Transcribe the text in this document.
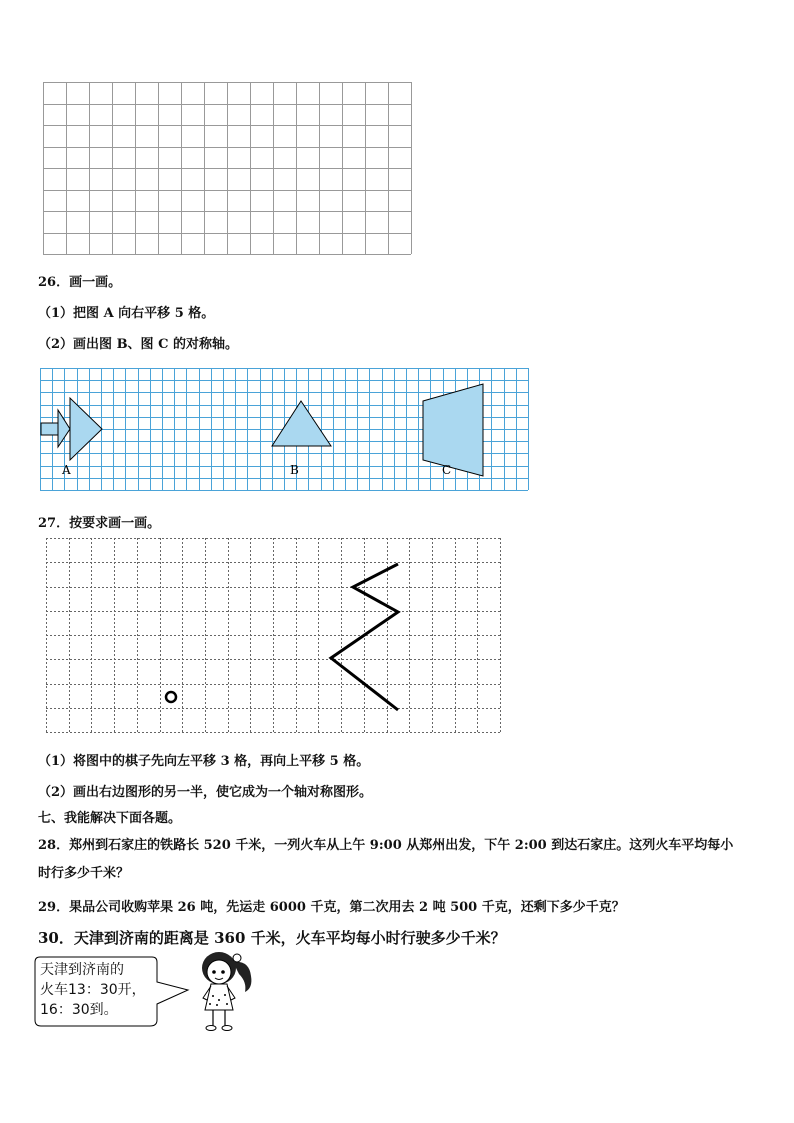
26．画一画。
（1）把图 A 向右平移 5 格。
（2）画出图 B、图 C 的对称轴。
A	B	C
27．按要求画一画。
（1）将图中的棋子先向左平移 3 格，再向上平移 5 格。
（2）画出右边图形的另一半，使它成为一个轴对称图形。
七、我能解决下面各题。
28．郑州到石家庄的铁路长 520 千米，一列火车从上午 9:00 从郑州出发，下午 2:00 到达石家庄。这列火车平均每小
时行多少千米？
29．果品公司收购苹果 26 吨，先运走 6000 千克，第二次用去 2 吨 500 千克，还剩下多少千克？
30．天津到济南的距离是 360 千米，火车平均每小时行驶多少千米？
天津到济南的
火车13：30开，
16：30到。
